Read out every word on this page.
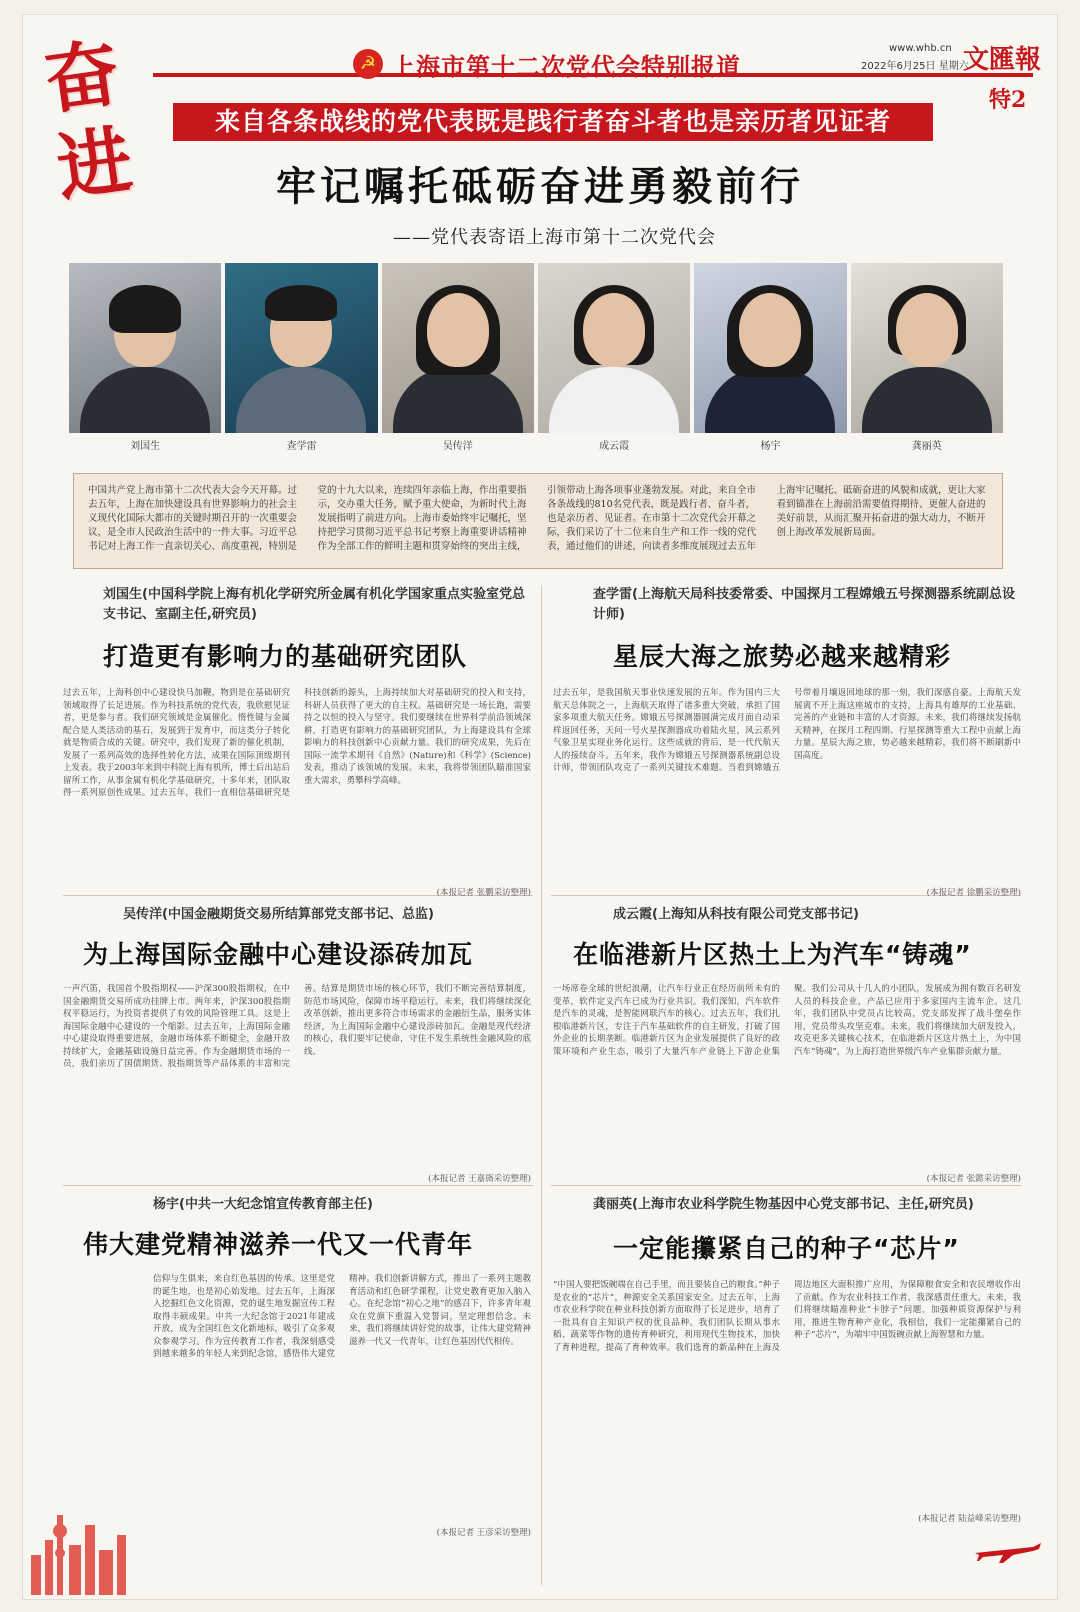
奋
进
☭ 上海市第十二次党代会特别报道
www.whb.cn
2022年6月25日 星期六
文匯報
特2
来自各条战线的党代表既是践行者奋斗者也是亲历者见证者
牢记嘱托砥砺奋进勇毅前行
——党代表寄语上海市第十二次党代会
刘国生	查学雷	吴传洋	成云霞	杨宇	龚丽英
中国共产党上海市第十二次代表大会今天开幕。过去五年，上海在加快建设具有世界影响力的社会主义现代化国际大都市的关键时期召开的一次重要会议，是全市人民政治生活中的一件大事。习近平总书记对上海工作一直亲切关心、高度重视，特别是党的十九大以来，连续四年亲临上海，作出重要指示，交办重大任务，赋予重大使命，为新时代上海发展指明了前进方向。上海市委始终牢记嘱托，坚持把学习贯彻习近平总书记考察上海重要讲话精神作为全部工作的鲜明主题和贯穿始终的突出主线，引领带动上海各项事业蓬勃发展。对此，来自全市各条战线的810名党代表，既是践行者、奋斗者，也是亲历者、见证者。在市第十二次党代会开幕之际，我们采访了十二位来自生产和工作一线的党代表，通过他们的讲述，向读者多维度展现过去五年上海牢记嘱托、砥砺奋进的风貌和成就，更让大家看到锚准在上海前沿需要值得期待、更催人奋进的美好前景，从而汇聚开拓奋进的强大动力，不断开创上海改革发展新局面。
刘国生(中国科学院上海有机化学研究所金属有机化学国家重点实验室党总支书记、室副主任,研究员)
打造更有影响力的基础研究团队
过去五年，上海科创中心建设快马加鞭，物到是在基础研究领域取得了长足进展。作为科技系统的党代表，我欣慰见证者，更是参与者。我们研究领域是金属催化。惰性键与金属配合是人类活动的基石，发展到于发育中，而这类分子转化就是物质合成的关键。研究中，我们发现了新的催化机制，发展了一系列高效的选择性转化方法，成果在国际顶级期刊上发表。我于2003年来到中科院上海有机所，博士后出站后留所工作，从事金属有机化学基础研究，十多年来，团队取得一系列原创性成果。过去五年，我们一直相信基础研究是科技创新的源头，上海持续加大对基础研究的投入和支持，科研人员获得了更大的自主权。基础研究是一场长跑，需要持之以恒的投入与坚守。我们要继续在世界科学前沿领域深耕，打造更有影响力的基础研究团队，为上海建设具有全球影响力的科技创新中心贡献力量。我们的研究成果，先后在国际一流学术期刊《自然》(Nature)和《科学》(Science)发表，推动了该领域的发展。未来，我将带领团队瞄准国家重大需求，勇攀科学高峰。
(本报记者 张鹏采访整理)
查学雷(上海航天局科技委常委、中国探月工程嫦娥五号探测器系统副总设计师)
星辰大海之旅势必越来越精彩
过去五年，是我国航天事业快速发展的五年。作为国内三大航天总体院之一，上海航天取得了诸多重大突破，承担了国家多项重大航天任务。嫦娥五号探测器圆满完成月面自动采样返回任务，天问一号火星探测器成功着陆火星，风云系列气象卫星实现业务化运行。这些成就的背后，是一代代航天人的接续奋斗。五年来，我作为嫦娥五号探测器系统副总设计师，带领团队攻克了一系列关键技术难题。当看到嫦娥五号带着月壤返回地球的那一刻，我们深感自豪。上海航天发展离不开上海这座城市的支持，上海具有雄厚的工业基础、完善的产业链和丰富的人才资源。未来，我们将继续发扬航天精神，在探月工程四期、行星探测等重大工程中贡献上海力量。星辰大海之旅，势必越来越精彩，我们将不断刷新中国高度。
(本报记者 徐鹏采访整理)
吴传洋(中国金融期货交易所结算部党支部书记、总监)
为上海国际金融中心建设添砖加瓦
一声汽笛，我国首个股指期权——沪深300股指期权，在中国金融期货交易所成功挂牌上市。两年来，沪深300股指期权平稳运行，为投资者提供了有效的风险管理工具。这是上海国际金融中心建设的一个缩影。过去五年，上海国际金融中心建设取得重要进展，金融市场体系不断健全，金融开放持续扩大，金融基础设施日益完善。作为金融期货市场的一员，我们亲历了国债期货、股指期货等产品体系的丰富和完善。结算是期货市场的核心环节，我们不断完善结算制度，防范市场风险，保障市场平稳运行。未来，我们将继续深化改革创新，推出更多符合市场需求的金融衍生品，服务实体经济，为上海国际金融中心建设添砖加瓦。金融是现代经济的核心，我们要牢记使命，守住不发生系统性金融风险的底线。
(本报记者 王嘉旖采访整理)
成云霞(上海知从科技有限公司党支部书记)
在临港新片区热土上为汽车“铸魂”
一场席卷全球的世纪浪潮，让汽车行业正在经历前所未有的变革，软件定义汽车已成为行业共识。我们深知，汽车软件是汽车的灵魂，是智能网联汽车的核心。过去五年，我们扎根临港新片区，专注于汽车基础软件的自主研发，打破了国外企业的长期垄断。临港新片区为企业发展提供了良好的政策环境和产业生态，吸引了大量汽车产业链上下游企业集聚。我们公司从十几人的小团队，发展成为拥有数百名研发人员的科技企业，产品已应用于多家国内主流车企。这几年，我们团队中党员占比较高，党支部发挥了战斗堡垒作用，党员带头攻坚克难。未来，我们将继续加大研发投入，攻克更多关键核心技术，在临港新片区这片热土上，为中国汽车“铸魂”，为上海打造世界级汽车产业集群贡献力量。
(本报记者 张懿采访整理)
杨宇(中共一大纪念馆宣传教育部主任)
伟大建党精神滋养一代又一代青年
信仰与生俱来，来自红色基因的传承。这里是党的诞生地，也是初心始发地。过去五年，上海深入挖掘红色文化资源，党的诞生地发掘宣传工程取得丰硕成果。中共一大纪念馆于2021年建成开放，成为全国红色文化新地标，吸引了众多观众参观学习。作为宣传教育工作者，我深刻感受到越来越多的年轻人来到纪念馆，感悟伟大建党精神。我们创新讲解方式，推出了一系列主题教育活动和红色研学课程，让党史教育更加入脑入心。在纪念馆“初心之地”的感召下，许多青年观众在党旗下重温入党誓词，坚定理想信念。未来，我们将继续讲好党的故事，让伟大建党精神滋养一代又一代青年，让红色基因代代相传。
(本报记者 王彦采访整理)
龚丽英(上海市农业科学院生物基因中心党支部书记、主任,研究员)
一定能攥紧自己的种子“芯片”
“中国人要把饭碗端在自己手里，而且要装自己的粮食。”种子是农业的“芯片”，种源安全关系国家安全。过去五年，上海市农业科学院在种业科技创新方面取得了长足进步，培育了一批具有自主知识产权的优良品种。我们团队长期从事水稻、蔬菜等作物的遗传育种研究，利用现代生物技术，加快了育种进程，提高了育种效率。我们选育的新品种在上海及周边地区大面积推广应用，为保障粮食安全和农民增收作出了贡献。作为农业科技工作者，我深感责任重大。未来，我们将继续瞄准种业“卡脖子”问题，加强种质资源保护与利用，推进生物育种产业化，我相信，我们一定能攥紧自己的种子“芯片”，为端牢中国饭碗贡献上海智慧和力量。
(本报记者 陆益峰采访整理)
